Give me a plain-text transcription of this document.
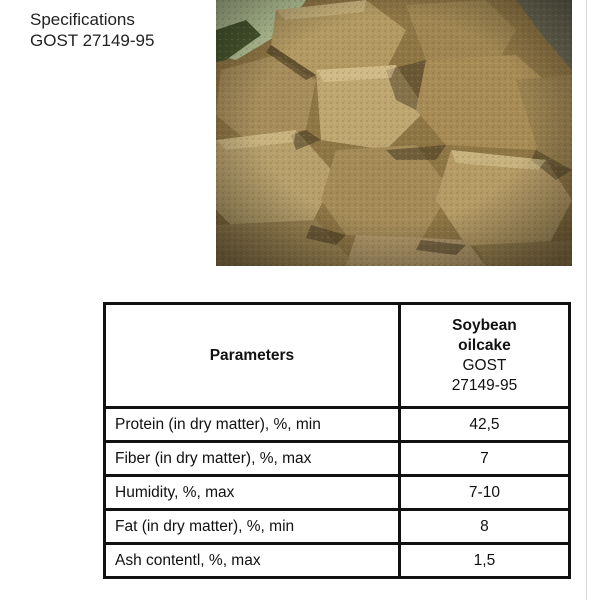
Specifications
GOST 27149-95
Parameters	Soybean
oilcake
GOST
27149-95

Protein (in dry matter), %, min	42,5
Fiber (in dry matter), %, max	7
Humidity, %, max	7-10
Fat (in dry matter), %, min	8
Ash contentl, %, max	1,5
